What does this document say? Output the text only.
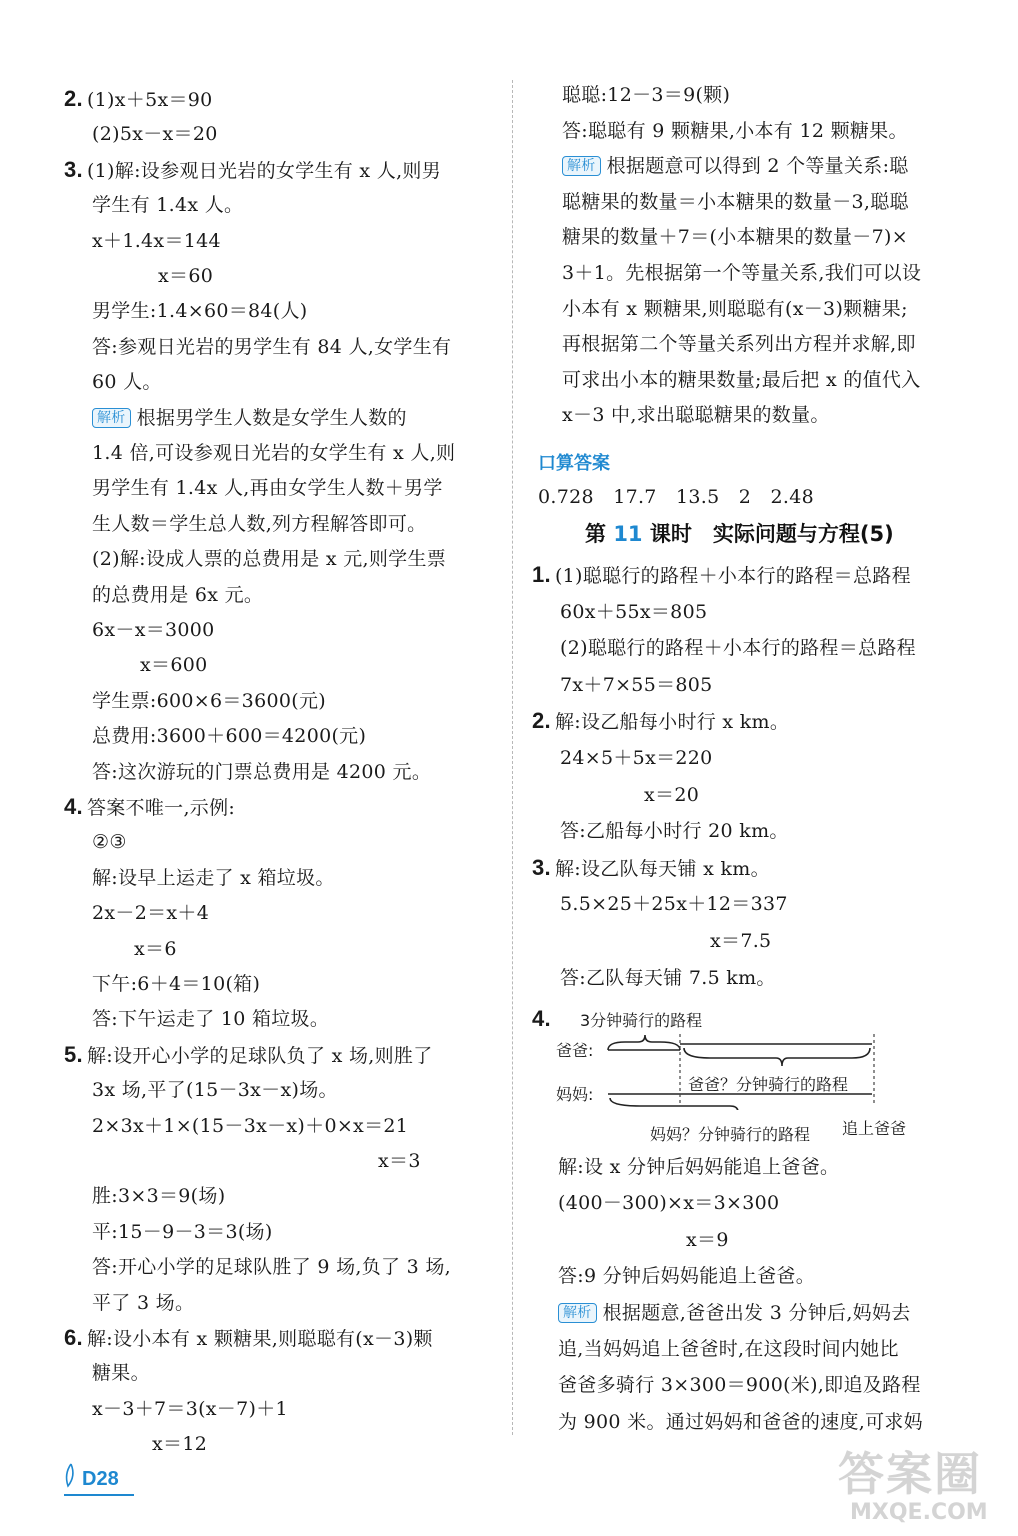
2. (1)x＋5x＝90
(2)5x－x＝20
3. (1)解:设参观日光岩的女学生有 x 人,则男
学生有 1.4x 人。
x＋1.4x＝144
x＝60
男学生:1.4×60＝84(人)
答:参观日光岩的男学生有 84 人,女学生有
60 人。
解析 根据男学生人数是女学生人数的
1.4 倍,可设参观日光岩的女学生有 x 人,则
男学生有 1.4x 人,再由女学生人数＋男学
生人数＝学生总人数,列方程解答即可。
(2)解:设成人票的总费用是 x 元,则学生票
的总费用是 6x 元。
6x－x＝3000
x＝600
学生票:600×6＝3600(元)
总费用:3600＋600＝4200(元)
答:这次游玩的门票总费用是 4200 元。
4. 答案不唯一,示例:
②③
解:设早上运走了 x 箱垃圾。
2x－2＝x＋4
x＝6
下午:6＋4＝10(箱)
答:下午运走了 10 箱垃圾。
5. 解:设开心小学的足球队负了 x 场,则胜了
3x 场,平了(15－3x－x)场。
2×3x＋1×(15－3x－x)＋0×x＝21
x＝3
胜:3×3＝9(场)
平:15－9－3＝3(场)
答:开心小学的足球队胜了 9 场,负了 3 场,
平了 3 场。
6. 解:设小本有 x 颗糖果,则聪聪有(x－3)颗
糖果。
x－3＋7＝3(x－7)＋1
x＝12
聪聪:12－3＝9(颗)
答:聪聪有 9 颗糖果,小本有 12 颗糖果。
解析 根据题意可以得到 2 个等量关系:聪
聪糖果的数量＝小本糖果的数量－3,聪聪
糖果的数量＋7＝(小本糖果的数量－7)×
3＋1。先根据第一个等量关系,我们可以设
小本有 x 颗糖果,则聪聪有(x－3)颗糖果;
再根据第二个等量关系列出方程并求解,即
可求出小本的糖果数量;最后把 x 的值代入
x－3 中,求出聪聪糖果的数量。
1. (1)聪聪行的路程＋小本行的路程＝总路程
60x＋55x＝805
(2)聪聪行的路程＋小本行的路程＝总路程
7x＋7×55＝805
2. 解:设乙船每小时行 x km。
24×5＋5x＝220
x＝20
答:乙船每小时行 20 km。
3. 解:设乙队每天铺 x km。
5.5×25＋25x＋12＝337
x＝7.5
答:乙队每天铺 7.5 km。
解:设 x 分钟后妈妈能追上爸爸。
(400－300)×x＝3×300
x＝9
答:9 分钟后妈妈能追上爸爸。
解析 根据题意,爸爸出发 3 分钟后,妈妈去
追,当妈妈追上爸爸时,在这段时间内她比
爸爸多骑行 3×300＝900(米),即追及路程
为 900 米。通过妈妈和爸爸的速度,可求妈
口算答案
0.728　17.7　13.5　2　2.48
第 11 课时　实际问题与方程(5)
4. 3分钟骑行的路程
爸爸:
妈妈:
爸爸？分钟骑行的路程
妈妈？分钟骑行的路程 追上爸爸
D28	答案圈
MXQE.COM
